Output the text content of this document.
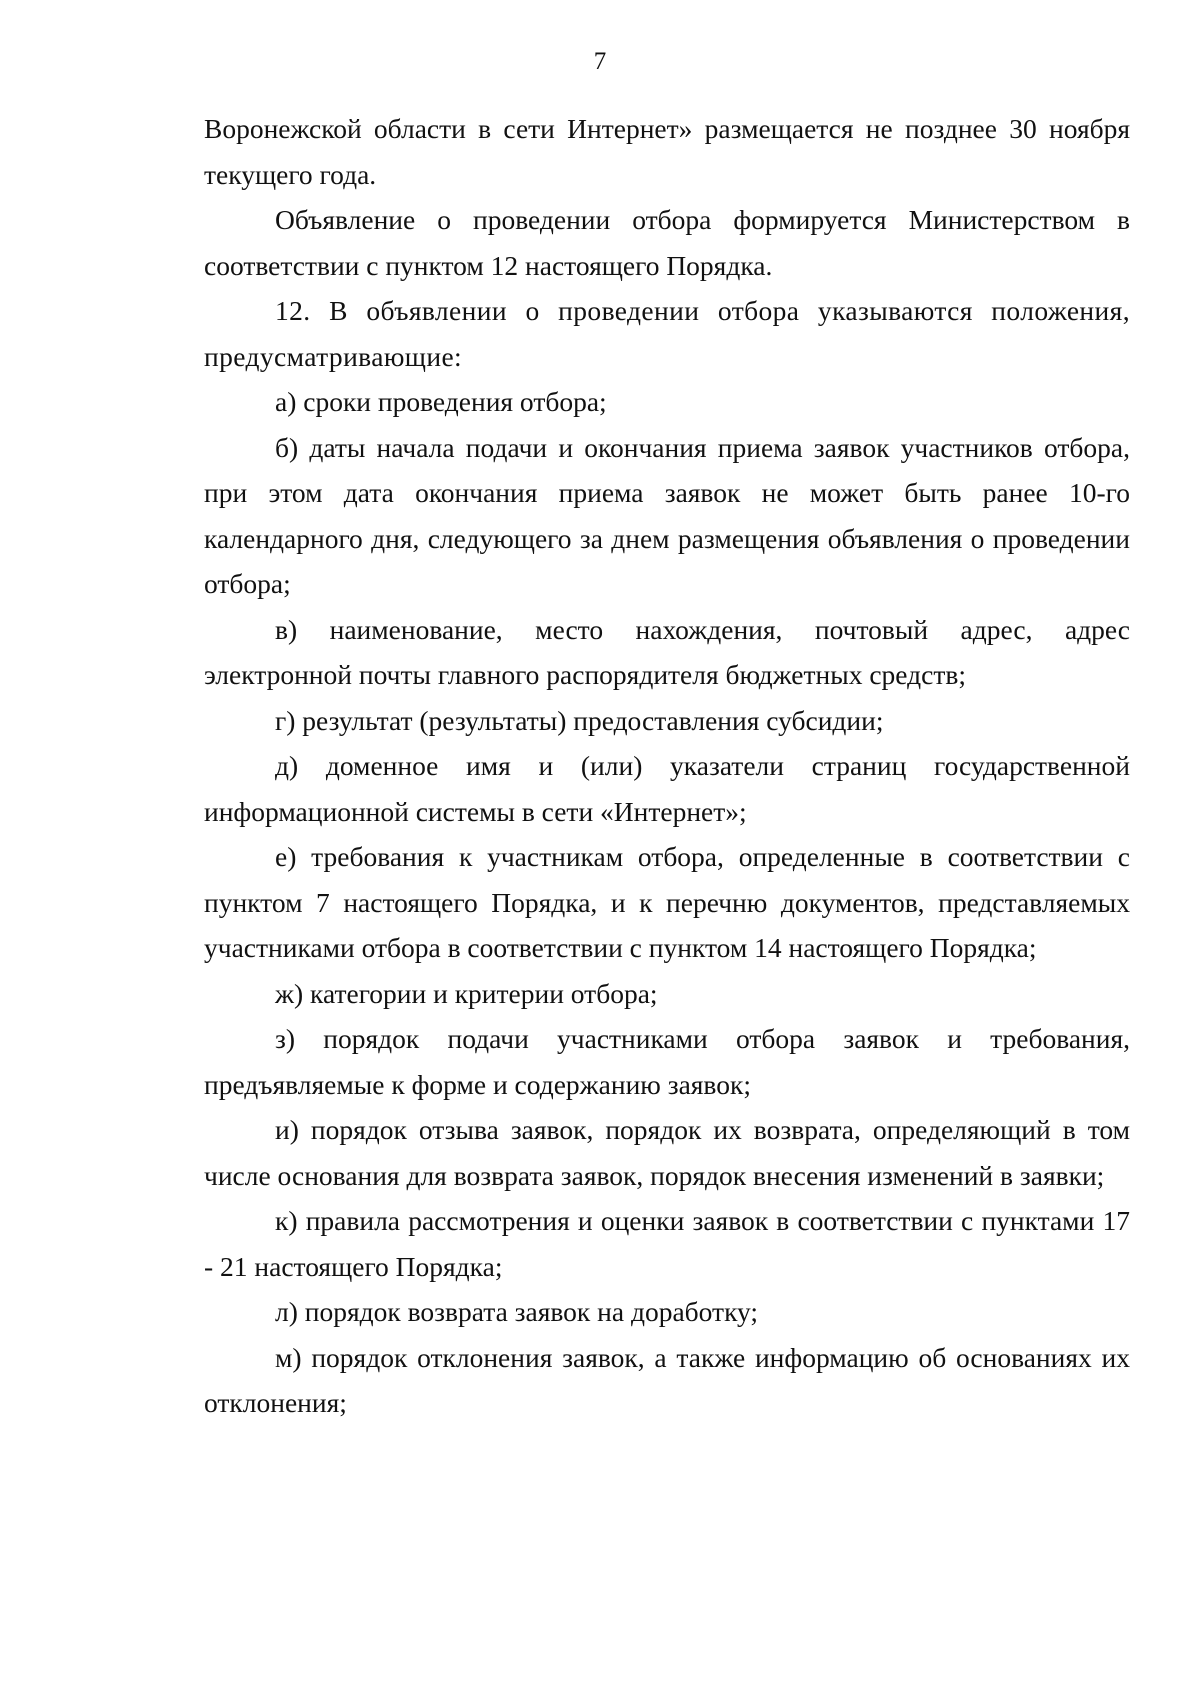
7

Воронежской области в сети Интернет» размещается не позднее 30 ноября текущего года.

Объявление о проведении отбора формируется Министерством в соответствии с пунктом 12 настоящего Порядка.

12. В объявлении о проведении отбора указываются положения, предусматривающие:

а) сроки проведения отбора;

б) даты начала подачи и окончания приема заявок участников отбора, при этом дата окончания приема заявок не может быть ранее 10-го календарного дня, следующего за днем размещения объявления о проведении отбора;

в) наименование, место нахождения, почтовый адрес, адрес электронной почты главного распорядителя бюджетных средств;

г) результат (результаты) предоставления субсидии;

д) доменное имя и (или) указатели страниц государственной информационной системы в сети «Интернет»;

е) требования к участникам отбора, определенные в соответствии с пунктом 7 настоящего Порядка, и к перечню документов, представляемых участниками отбора в соответствии с пунктом 14 настоящего Порядка;

ж) категории и критерии отбора;

з) порядок подачи участниками отбора заявок и требования, предъявляемые к форме и содержанию заявок;

и) порядок отзыва заявок, порядок их возврата, определяющий в том числе основания для возврата заявок, порядок внесения изменений в заявки;

к) правила рассмотрения и оценки заявок в соответствии с пунктами 17 - 21 настоящего Порядка;

л) порядок возврата заявок на доработку;

м) порядок отклонения заявок, а также информацию об основаниях их отклонения;
